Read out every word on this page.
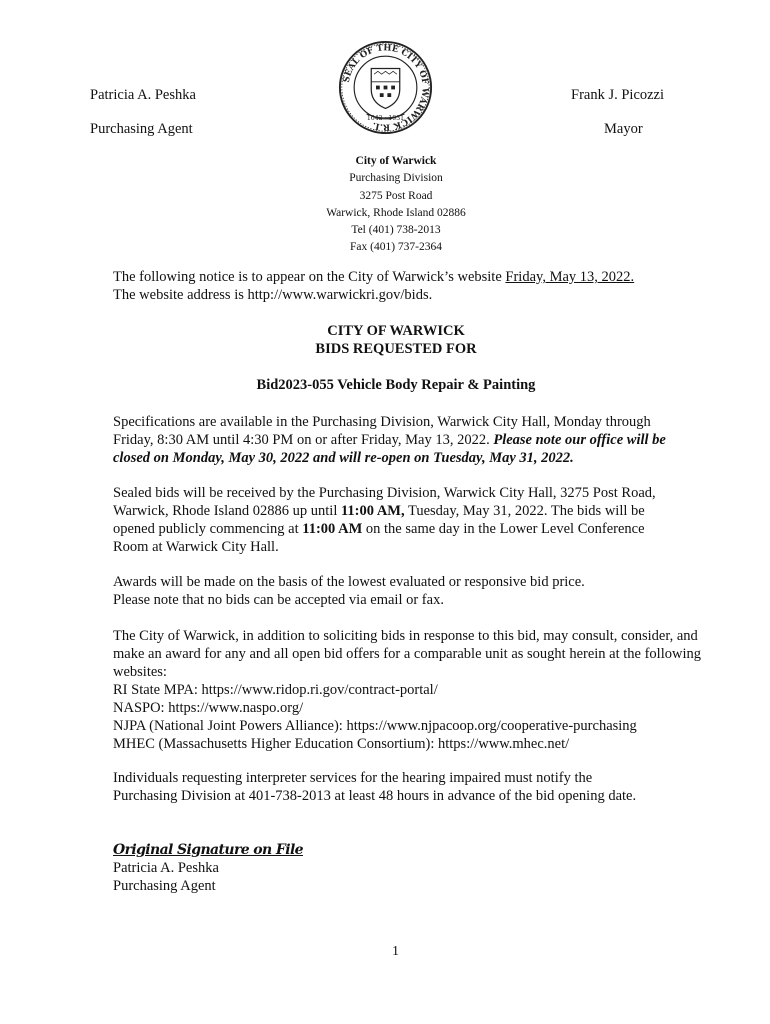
Patricia A. Peshka
Purchasing Agent
Frank J. Picozzi
Mayor
SEAL OF THE CITY OF WARWICK R.I.
1642 · 1931
City of Warwick
Purchasing Division
3275 Post Road
Warwick, Rhode Island 02886
Tel (401) 738-2013
Fax (401) 737-2364
The following notice is to appear on the City of Warwick’s website Friday, May 13, 2022.
The website address is http://www.warwickri.gov/bids.
CITY OF WARWICK
BIDS REQUESTED FOR
Bid2023-055 Vehicle Body Repair & Painting

Specifications are available in the Purchasing Division, Warwick City Hall, Monday through Friday, 8:30 AM until 4:30 PM on or after Friday, May 13, 2022. Please note our office will be closed on Monday, May 30, 2022 and will re-open on Tuesday, May 31, 2022.

Sealed bids will be received by the Purchasing Division, Warwick City Hall, 3275 Post Road, Warwick, Rhode Island 02886 up until 11:00 AM, Tuesday, May 31, 2022. The bids will be opened publicly commencing at 11:00 AM on the same day in the Lower Level Conference Room at Warwick City Hall.

Awards will be made on the basis of the lowest evaluated or responsive bid price.
Please note that no bids can be accepted via email or fax.

The City of Warwick, in addition to soliciting bids in response to this bid, may consult, consider, and make an award for any and all open bid offers for a comparable unit as sought herein at the following websites:

RI State MPA: https://www.ridop.ri.gov/contract-portal/
NASPO: https://www.naspo.org/
NJPA (National Joint Powers Alliance): https://www.njpacoop.org/cooperative-purchasing
MHEC (Massachusetts Higher Education Consortium): https://www.mhec.net/
Individuals requesting interpreter services for the hearing impaired must notify the
Purchasing Division at 401-738-2013 at least 48 hours in advance of the bid opening date.
Original Signature on File
Patricia A. Peshka
Purchasing Agent
1
